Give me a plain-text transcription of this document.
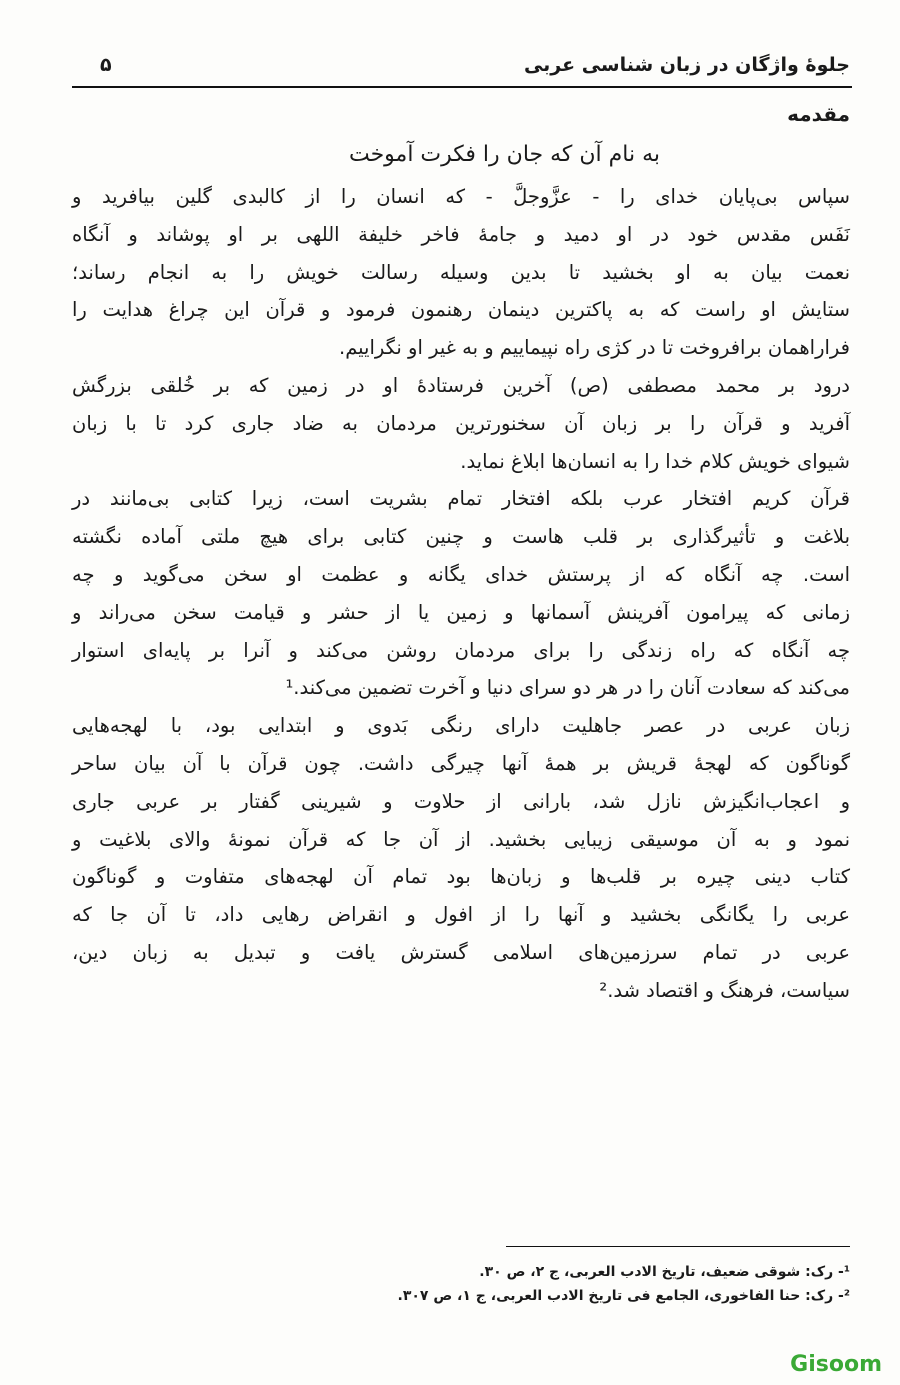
جلوهٔ واژگان در زبان شناسی عربی
۵
مقدمه
به نام آن که جان را فکرت آموخت
سپاس بی‌پایان خدای را - عزَّوجلَّ - که انسان را از کالبدی گلین بیافرید و
نَفَس مقدس خود در او دمید و جامهٔ فاخر خلیفة اللهی بر او پوشاند و آنگاه
نعمت بیان به او بخشید تا بدین وسیله رسالت خویش را به انجام رساند؛
ستایش او راست که به پاکترین دینمان رهنمون فرمود و قرآن این چراغ هدایت را
فراراهمان برافروخت تا در کژی راه نپیماییم و به غیر او نگراییم.
درود بر محمد مصطفی (ص) آخرین فرستادهٔ او در زمین که بر خُلقی بزرگش
آفرید و قرآن را بر زبان آن سخنورترین مردمان به ضاد جاری کرد تا با زبان
شیوای خویش کلام خدا را به انسان‌ها ابلاغ نماید.
قرآن کریم افتخار عرب بلکه افتخار تمام بشریت است، زیرا کتابی بی‌مانند در
بلاغت و تأثیرگذاری بر قلب هاست و چنین کتابی برای هیچ ملتی آماده نگشته
است. چه آنگاه که از پرستش خدای یگانه و عظمت او سخن می‌گوید و چه
زمانی که پیرامون آفرینش آسمانها و زمین یا از حشر و قیامت سخن می‌راند و
چه آنگاه که راه زندگی را برای مردمان روشن می‌کند و آنرا بر پایه‌ای استوار
می‌کند که سعادت آنان را در هر دو سرای دنیا و آخرت تضمین می‌کند.¹
زبان عربی در عصر جاهلیت دارای رنگی بَدوی و ابتدایی بود، با لهجه‌هایی
گوناگون که لهجهٔ قریش بر همهٔ آنها چیرگی داشت. چون قرآن با آن بیان ساحر
و اعجاب‌انگیزش نازل شد، بارانی از حلاوت و شیرینی گفتار بر عربی جاری
نمود و به آن موسیقی زیبایی بخشید. از آن جا که قرآن نمونهٔ والای بلاغیت و
کتاب دینی چیره بر قلب‌ها و زبان‌ها بود تمام آن لهجه‌های متفاوت و گوناگون
عربی را یگانگی بخشید و آنها را از افول و انقراض رهایی داد، تا آن جا که
عربی در تمام سرزمین‌های اسلامی گسترش یافت و تبدیل به زبان دین،
سیاست، فرهنگ و اقتصاد شد.²
¹- رک: شوقی ضعیف، تاریخ الادب العربی، ج ۲، ص ۳۰.
²- رک: حنا الفاخوری، الجامع فی تاریخ الادب العربی، ج ۱، ص ۳۰۷.
Gisoom
